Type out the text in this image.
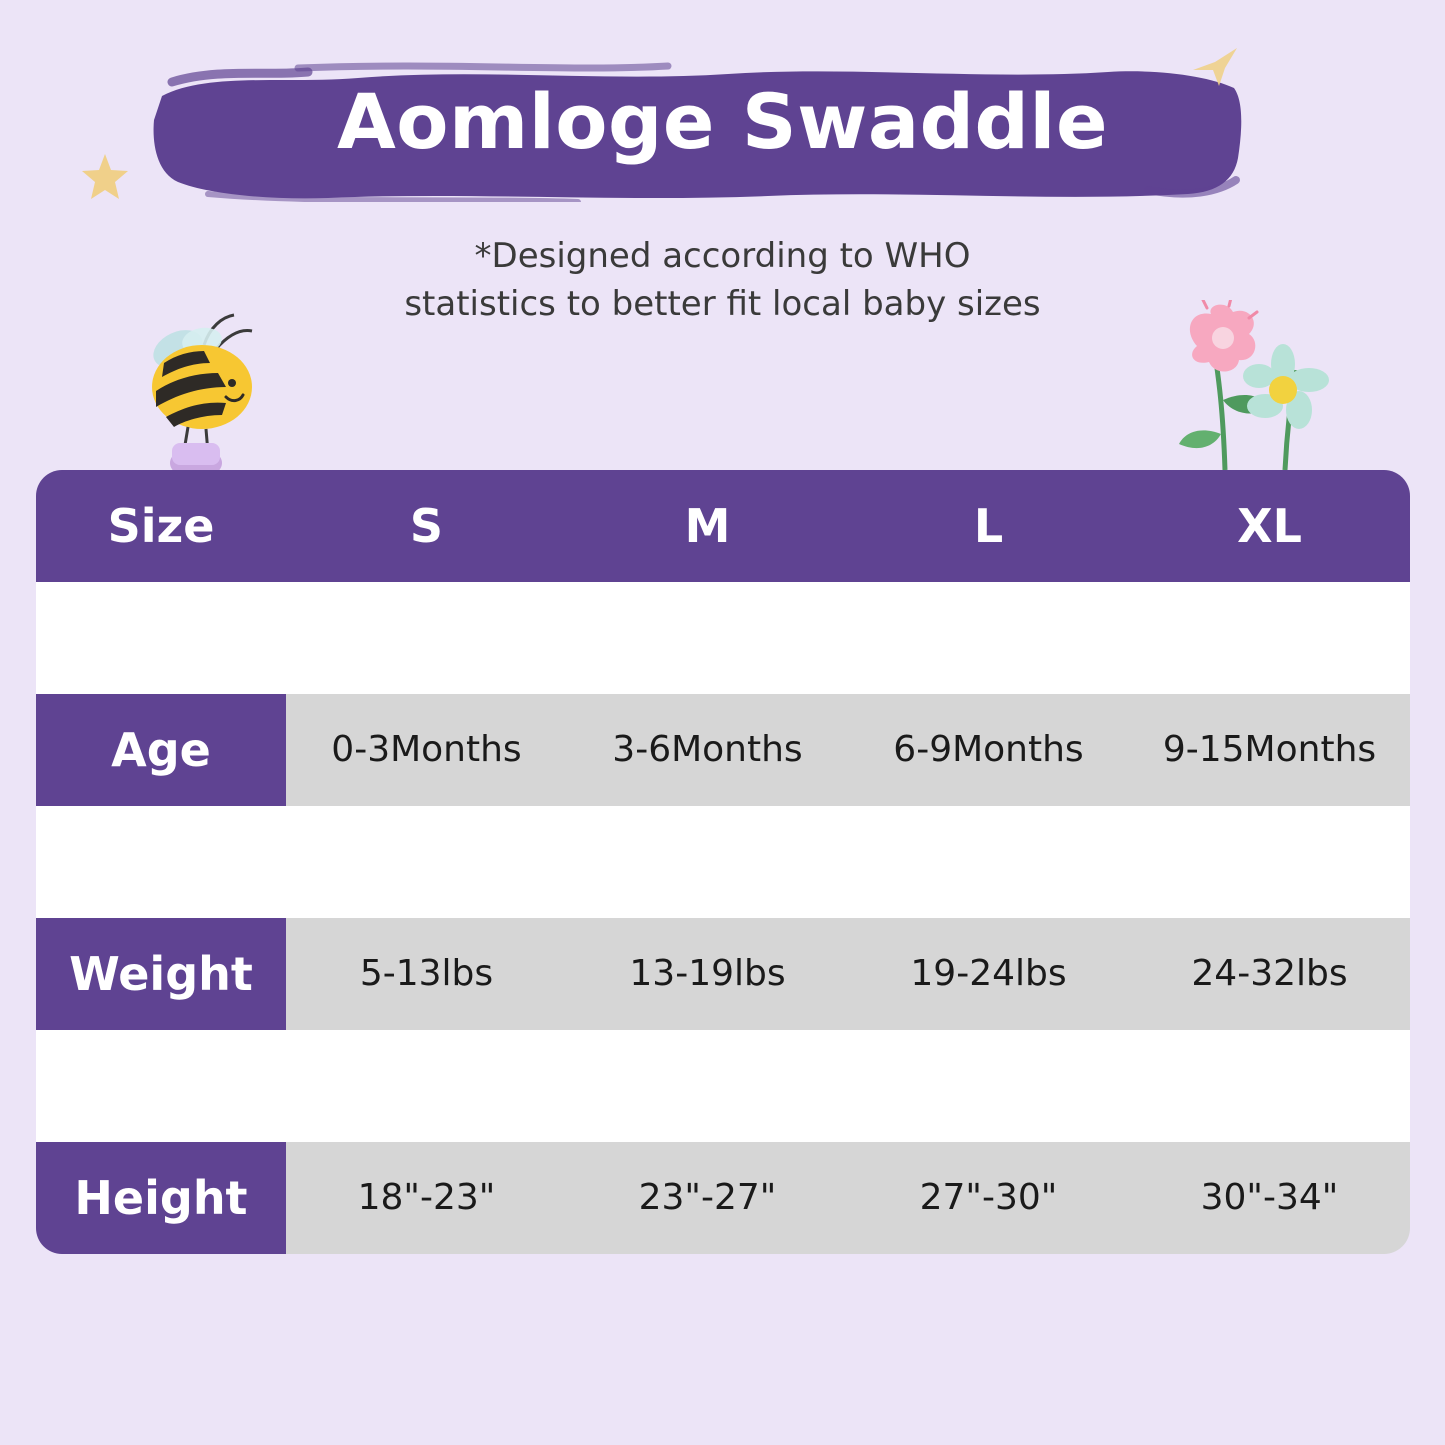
Aomloge Swaddle
*Designed according to WHO
statistics to better fit local baby sizes
Size	S	M	L	XL
Age	0-3Months	3-6Months	6-9Months	9-15Months
Weight	5-13lbs	13-19lbs	19-24lbs	24-32lbs
Height	18"-23"	23"-27"	27"-30"	30"-34"
